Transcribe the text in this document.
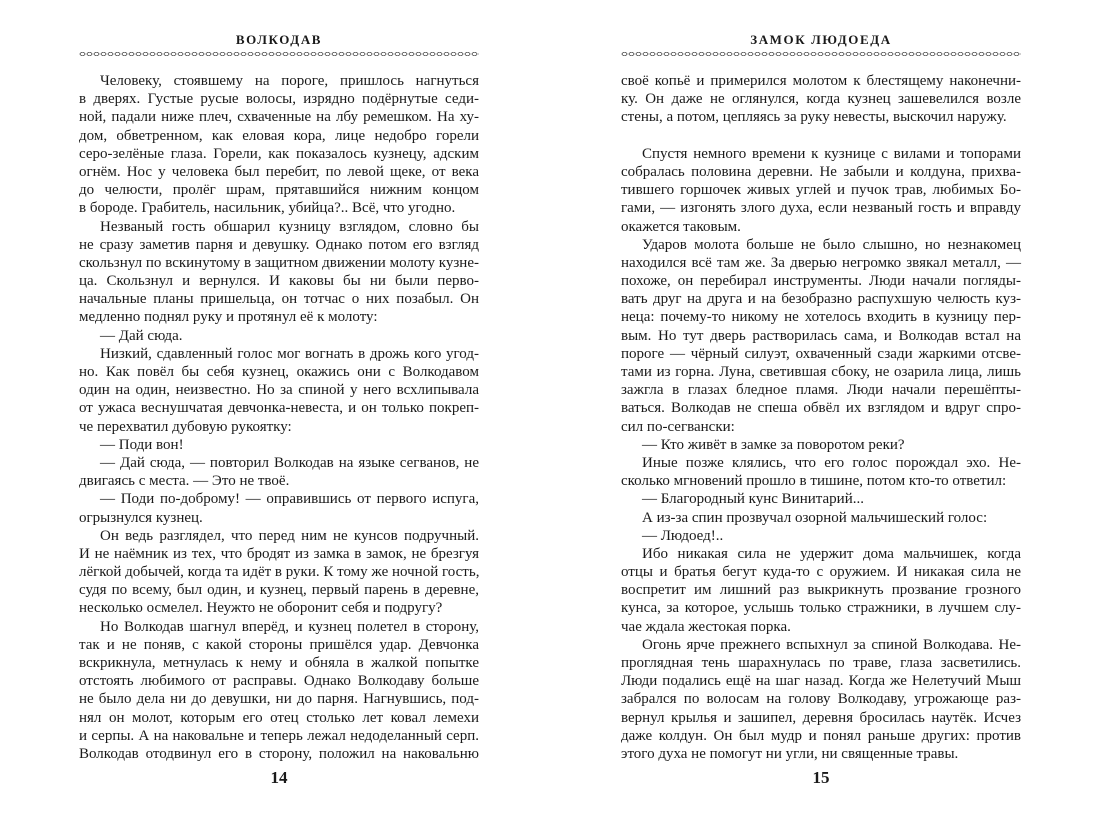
ВОЛКОДАВ
Человеку, стоявшему на пороге, пришлось нагнуться
в дверях. Густые русые волосы, изрядно подёрнутые седи-
ной, падали ниже плеч, схваченные на лбу ремешком. На ху-
дом, обветренном, как еловая кора, лице недобро горели
серо-зелёные глаза. Горели, как показалось кузнецу, адским
огнём. Нос у человека был перебит, по левой щеке, от века
до челюсти, пролёг шрам, прятавшийся нижним концом
в бороде. Грабитель, насильник, убийца?.. Всё, что угодно.
Незваный гость обшарил кузницу взглядом, словно бы
не сразу заметив парня и девушку. Однако потом его взгляд
скользнул по вскинутому в защитном движении молоту кузне-
ца. Скользнул и вернулся. И каковы бы ни были перво-
начальные планы пришельца, он тотчас о них позабыл. Он
медленно поднял руку и протянул её к молоту:
— Дай сюда.
Низкий, сдавленный голос мог вогнать в дрожь кого угод-
но. Как повёл бы себя кузнец, окажись они с Волкодавом
один на один, неизвестно. Но за спиной у него всхлипывала
от ужаса веснушчатая девчонка-невеста, и он только покреп-
че перехватил дубовую рукоятку:
— Поди вон!
— Дай сюда, — повторил Волкодав на языке сегванов, не
двигаясь с места. — Это не твоё.
— Поди по-доброму! — оправившись от первого испуга,
огрызнулся кузнец.
Он ведь разглядел, что перед ним не кунсов подручный.
И не наёмник из тех, что бродят из замка в замок, не брезгуя
лёгкой добычей, когда та идёт в руки. К тому же ночной гость,
судя по всему, был один, и кузнец, первый парень в деревне,
несколько осмелел. Неужто не оборонит себя и подругу?
Но Волкодав шагнул вперёд, и кузнец полетел в сторону,
так и не поняв, с какой стороны пришёлся удар. Девчонка
вскрикнула, метнулась к нему и обняла в жалкой попытке
отстоять любимого от расправы. Однако Волкодаву больше
не было дела ни до девушки, ни до парня. Нагнувшись, под-
нял он молот, которым его отец столько лет ковал лемехи
и серпы. А на наковальне и теперь лежал недоделанный серп.
Волкодав отодвинул его в сторону, положил на наковальню
14
ЗАМОК ЛЮДОЕДА
своё копьё и примерился молотом к блестящему наконечни-
ку. Он даже не оглянулся, когда кузнец зашевелился возле
стены, а потом, цепляясь за руку невесты, выскочил наружу.
Спустя немного времени к кузнице с вилами и топорами
собралась половина деревни. Не забыли и колдуна, прихва-
тившего горшочек живых углей и пучок трав, любимых Бо-
гами, — изгонять злого духа, если незваный гость и вправду
окажется таковым.
Ударов молота больше не было слышно, но незнакомец
находился всё там же. За дверью негромко звякал металл, —
похоже, он перебирал инструменты. Люди начали погляды-
вать друг на друга и на безобразно распухшую челюсть куз-
неца: почему-то никому не хотелось входить в кузницу пер-
вым. Но тут дверь растворилась сама, и Волкодав встал на
пороге — чёрный силуэт, охваченный сзади жаркими отсве-
тами из горна. Луна, светившая сбоку, не озарила лица, лишь
зажгла в глазах бледное пламя. Люди начали перешёпты-
ваться. Волкодав не спеша обвёл их взглядом и вдруг спро-
сил по-сегвански:
— Кто живёт в замке за поворотом реки?
Иные позже клялись, что его голос порождал эхо. Не-
сколько мгновений прошло в тишине, потом кто-то ответил:
— Благородный кунс Винитарий...
А из-за спин прозвучал озорной мальчишеский голос:
— Людоед!..
Ибо никакая сила не удержит дома мальчишек, когда
отцы и братья бегут куда-то с оружием. И никакая сила не
воспретит им лишний раз выкрикнуть прозвание грозного
кунса, за которое, услышь только стражники, в лучшем слу-
чае ждала жестокая порка.
Огонь ярче прежнего вспыхнул за спиной Волкодава. Не-
проглядная тень шарахнулась по траве, глаза засветились.
Люди подались ещё на шаг назад. Когда же Нелетучий Мыш
забрался по волосам на голову Волкодаву, угрожающе раз-
вернул крылья и зашипел, деревня бросилась наутёк. Исчез
даже колдун. Он был мудр и понял раньше других: против
этого духа не помогут ни угли, ни священные травы.
15
